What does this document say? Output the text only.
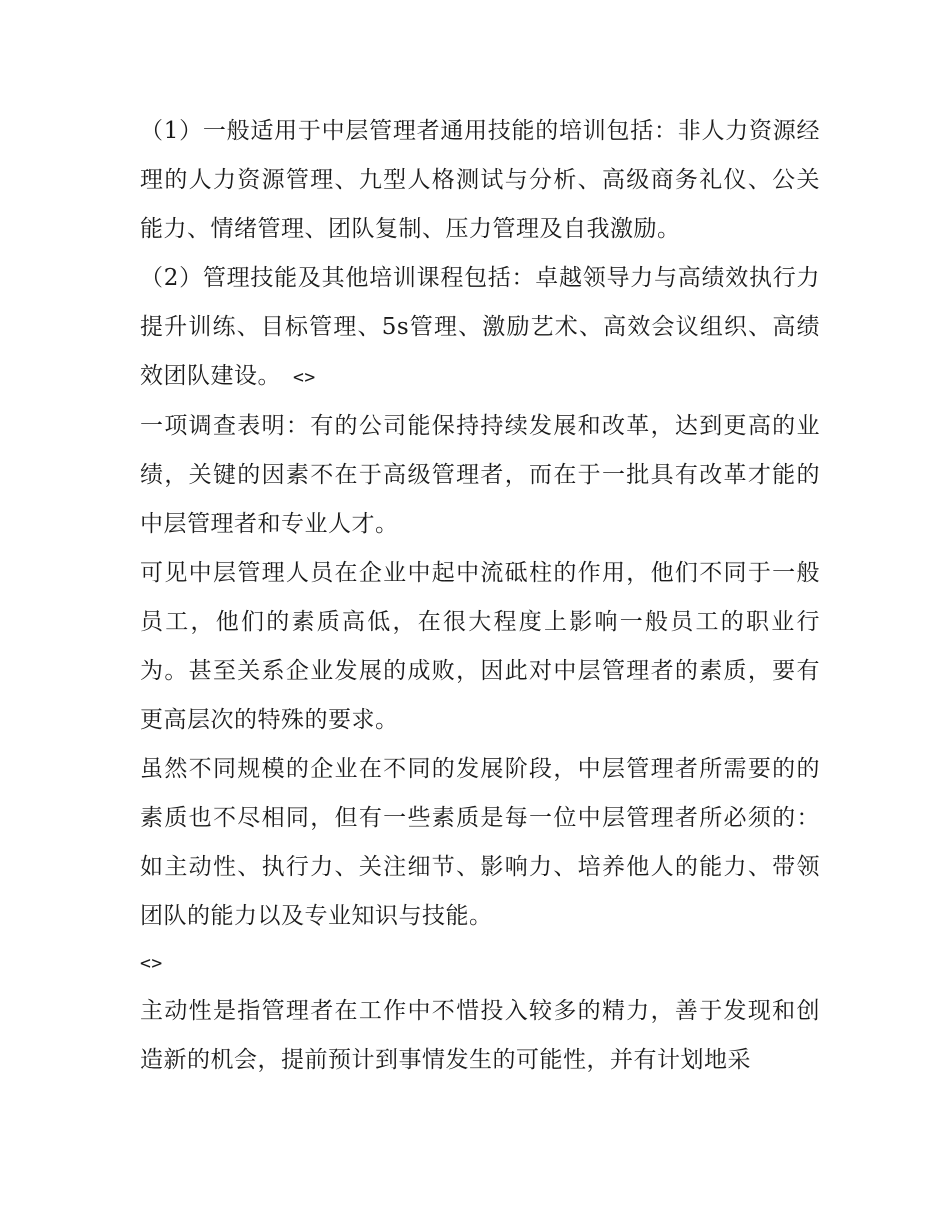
（1）一般适用于中层管理者通用技能的培训包括：非人力资源经理的人力资源管理、九型人格测试与分析、高级商务礼仪、公关能力、情绪管理、团队复制、压力管理及自我激励。

（2）管理技能及其他培训课程包括：卓越领导力与高绩效执行力提升训练、目标管理、5s管理、激励艺术、高效会议组织、高绩效团队建设。 <>

一项调查表明：有的公司能保持持续发展和改革，达到更高的业绩，关键的因素不在于高级管理者，而在于一批具有改革才能的中层管理者和专业人才。

可见中层管理人员在企业中起中流砥柱的作用，他们不同于一般员工，他们的素质高低，在很大程度上影响一般员工的职业行为。甚至关系企业发展的成败，因此对中层管理者的素质，要有更高层次的特殊的要求。

虽然不同规模的企业在不同的发展阶段，中层管理者所需要的的素质也不尽相同，但有一些素质是每一位中层管理者所必须的：如主动性、执行力、关注细节、影响力、培养他人的能力、带领团队的能力以及专业知识与技能。

<>

主动性是指管理者在工作中不惜投入较多的精力，善于发现和创造新的机会，提前预计到事情发生的可能性，并有计划地采
